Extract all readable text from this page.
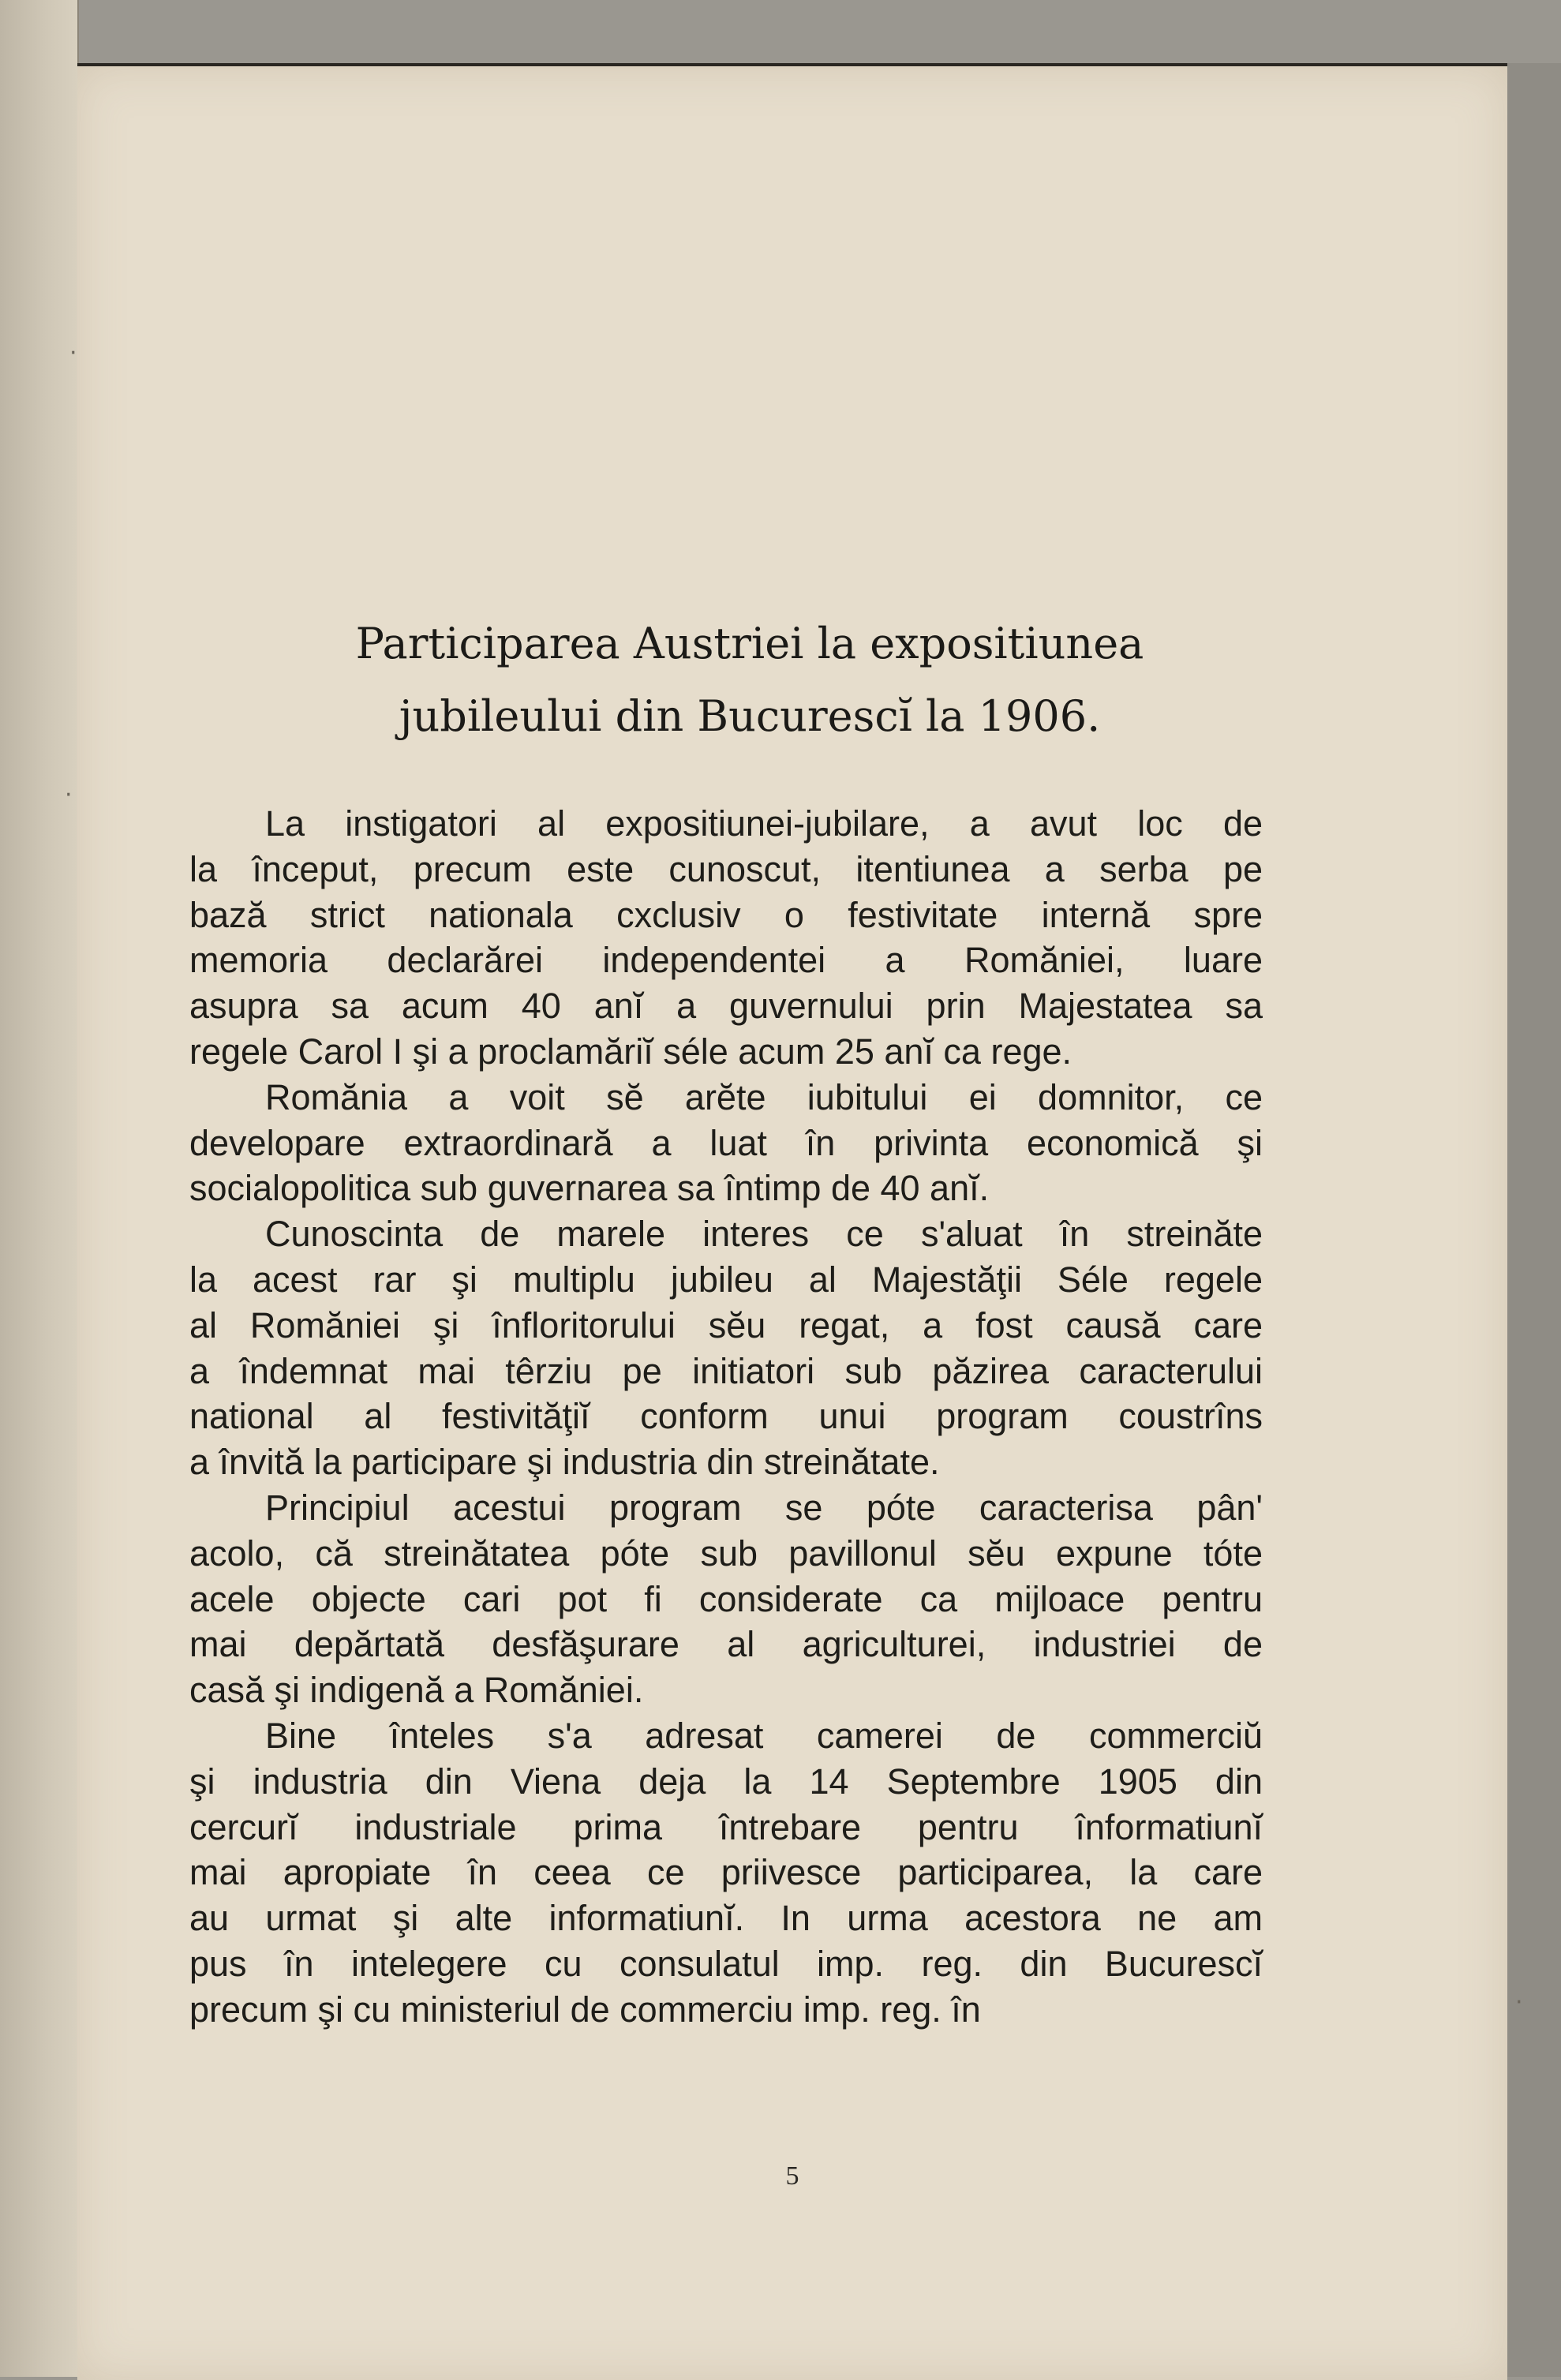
5
Participarea Austriei la expositiunea
jubileului din Bucurescĭ la 1906.
La instigatori al expositiunei-jubilare, a avut loc de
la început, precum este cunoscut, itentiunea a serba pe
bază strict nationala cxclusiv o festivitate internă spre
memoria declarărei independentei a Romăniei, luare
asupra sa acum 40 anĭ a guvernului prin Majestatea sa
regele Carol I şi a proclamăriĭ séle acum 25 anĭ ca rege.
Romănia a voit sĕ arĕte iubitului ei domnitor, ce
developare extraordinară a luat în privinta economică şi
socialopolitica sub guvernarea sa întimp de 40 anĭ.
Cunoscinta de marele interes ce s'aluat în streinăte
la acest rar şi multiplu jubileu al Majestăţii Séle regele
al Romăniei şi înfloritorului sĕu regat, a fost causă care
a îndemnat mai têrziu pe initiatori sub păzirea caracterului
national al festivităţiĭ conform unui program coustrîns
a învită la participare şi industria din streinătate.
Principiul acestui program se póte caracterisa pân'
acolo, că streinătatea póte sub pavillonul sĕu expune tóte
acele objecte cari pot fi considerate ca mijloace pentru
mai depărtată desfăşurare al agriculturei, industriei de
casă şi indigenă a Romăniei.
Bine înteles s'a adresat camerei de commerciŭ
şi industria din Viena deja la 14 Septembre 1905 din
cercurĭ industriale prima întrebare pentru înformatiunĭ
mai apropiate în ceea ce priivesce participarea, la care
au urmat şi alte informatiunĭ. In urma acestora ne am
pus în intelegere cu consulatul imp. reg. din Bucurescĭ
precum şi cu ministeriul de commerciu imp. reg. în
·
·
·
